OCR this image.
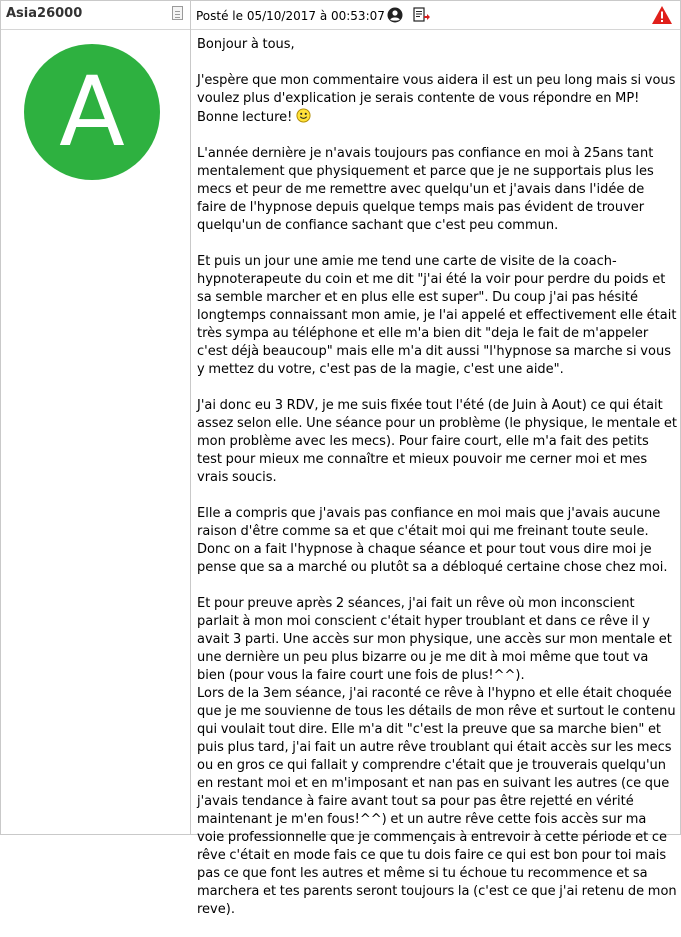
Asia26000
A
Posté le 05/10/2017 à 00:53:07

Bonjour à tous,

J'espère que mon commentaire vous aidera il est un peu long mais si vous voulez plus d'explication je serais contente de vous répondre en MP! Bonne lecture!

L'année dernière je n'avais toujours pas confiance en moi à 25ans tant mentalement que physiquement et parce que je ne supportais plus les mecs et peur de me remettre avec quelqu'un et j'avais dans l'idée de faire de l'hypnose depuis quelque temps mais pas évident de trouver quelqu'un de confiance sachant que c'est peu commun.

Et puis un jour une amie me tend une carte de visite de la coach-hypnoterapeute du coin et me dit "j'ai été la voir pour perdre du poids et sa semble marcher et en plus elle est super". Du coup j'ai pas hésité longtemps connaissant mon amie, je l'ai appelé et effectivement elle était très sympa au téléphone et elle m'a bien dit "deja le fait de m'appeler c'est déjà beaucoup" mais elle m'a dit aussi "l'hypnose sa marche si vous y mettez du votre, c'est pas de la magie, c'est une aide".

J'ai donc eu 3 RDV, je me suis fixée tout l'été (de Juin à Aout) ce qui était assez selon elle. Une séance pour un problème (le physique, le mentale et mon problème avec les mecs). Pour faire court, elle m'a fait des petits test pour mieux me connaître et mieux pouvoir me cerner moi et mes vrais soucis.

Elle a compris que j'avais pas confiance en moi mais que j'avais aucune raison d'être comme sa et que c'était moi qui me freinant toute seule. Donc on a fait l'hypnose à chaque séance et pour tout vous dire moi je pense que sa a marché ou plutôt sa a débloqué certaine chose chez moi.

Et pour preuve après 2 séances, j'ai fait un rêve où mon inconscient parlait à mon moi conscient c'était hyper troublant et dans ce rêve il y avait 3 parti. Une accès sur mon physique, une accès sur mon mentale et une dernière un peu plus bizarre ou je me dit à moi même que tout va bien (pour vous la faire court une fois de plus!^^).
Lors de la 3em séance, j'ai raconté ce rêve à l'hypno et elle était choquée que je me souvienne de tous les détails de mon rêve et surtout le contenu qui voulait tout dire. Elle m'a dit "c'est la preuve que sa marche bien" et puis plus tard, j'ai fait un autre rêve troublant qui était accès sur les mecs ou en gros ce qui fallait y comprendre c'était que je trouverais quelqu'un en restant moi et en m'imposant et nan pas en suivant les autres (ce que j'avais tendance à faire avant tout sa pour pas être rejetté en vérité maintenant je m'en fous!^^) et un autre rêve cette fois accès sur ma voie professionnelle que je commençais à entrevoir à cette période et ce rêve c'était en mode fais ce que tu dois faire ce qui est bon pour toi mais pas ce que font les autres et même si tu échoue tu recommence et sa marchera et tes parents seront toujours la (c'est ce que j'ai retenu de mon reve).
